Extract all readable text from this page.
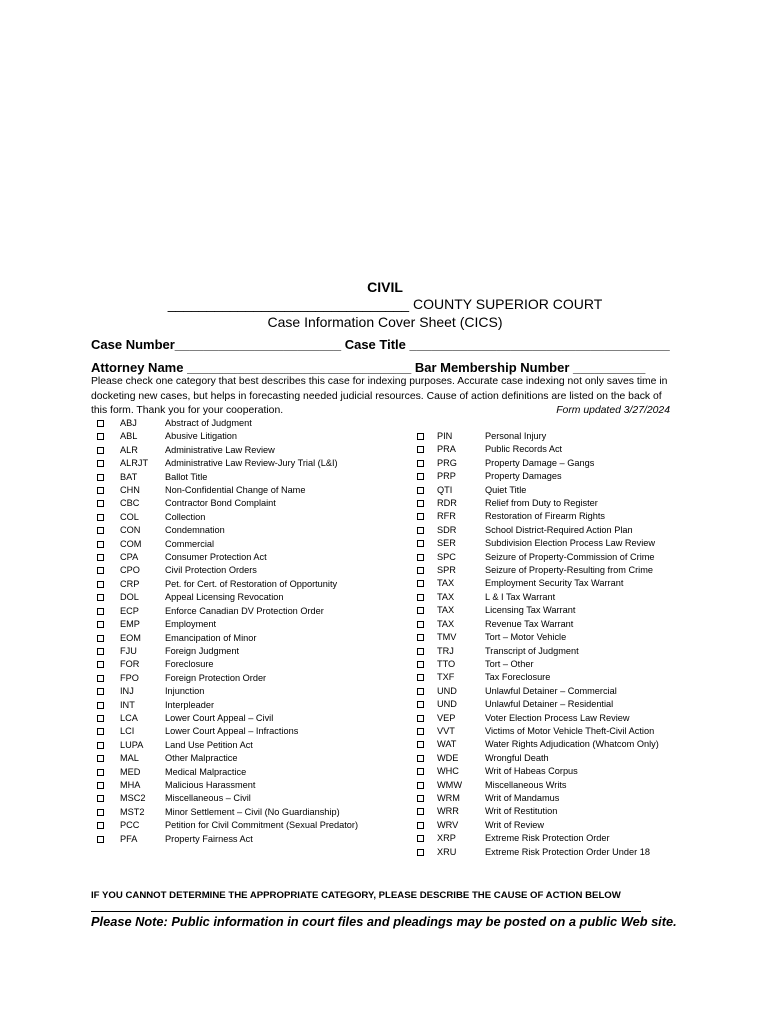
CIVIL
_______________________________ COUNTY SUPERIOR COURT
Case Information Cover Sheet (CICS)
Case Number_______________________ Case Title ____________________________________
Attorney Name _______________________________ Bar Membership Number __________
Please check one category that best describes this case for indexing purposes. Accurate case indexing not only saves time in docketing new cases, but helps in forecasting needed judicial resources. Cause of action definitions are listed on the back of this form. Thank you for your cooperation.	Form updated 3/27/2024
ABJ	Abstract of Judgment
ABL	Abusive Litigation
ALR	Administrative Law Review
ALRJT Administrative Law Review-Jury Trial (L&I)
BAT	Ballot Title
CHN	Non-Confidential Change of Name
CBC	Contractor Bond Complaint
COL	Collection
CON	Condemnation
COM	Commercial
CPA	Consumer Protection Act
CPO	Civil Protection Orders
CRP	Pet. for Cert. of Restoration of Opportunity
DOL	Appeal Licensing Revocation
ECP	Enforce Canadian DV Protection Order
EMP	Employment
EOM	Emancipation of Minor
FJU	Foreign Judgment
FOR	Foreclosure
FPO	Foreign Protection Order
INJ	Injunction
INT	Interpleader
LCA	Lower Court Appeal – Civil
LCI	Lower Court Appeal – Infractions
LUPA Land Use Petition Act
MAL	Other Malpractice
MED	Medical Malpractice
MHA	Malicious Harassment
MSC2 Miscellaneous – Civil
MST2 Minor Settlement – Civil (No Guardianship)
PCC	Petition for Civil Commitment (Sexual Predator)
PFA	Property Fairness Act
PIN	Personal Injury
PRA	Public Records Act
PRG	Property Damage – Gangs
PRP	Property Damages
QTI	Quiet Title
RDR	Relief from Duty to Register
RFR	Restoration of Firearm Rights
SDR	School District-Required Action Plan
SER	Subdivision Election Process Law Review
SPC	Seizure of Property-Commission of Crime
SPR	Seizure of Property-Resulting from Crime
TAX	Employment Security Tax Warrant
TAX	L & I Tax Warrant
TAX	Licensing Tax Warrant
TAX	Revenue Tax Warrant
TMV	Tort – Motor Vehicle
TRJ	Transcript of Judgment
TTO	Tort – Other
TXF	Tax Foreclosure
UND	Unlawful Detainer – Commercial
UND	Unlawful Detainer – Residential
VEP	Voter Election Process Law Review
VVT	Victims of Motor Vehicle Theft-Civil Action
WAT	Water Rights Adjudication (Whatcom Only)
WDE	Wrongful Death
WHC	Writ of Habeas Corpus
WMW	Miscellaneous Writs
WRM	Writ of Mandamus
WRR	Writ of Restitution
WRV	Writ of Review
XRP	Extreme Risk Protection Order
XRU	Extreme Risk Protection Order Under 18
IF YOU CANNOT DETERMINE THE APPROPRIATE CATEGORY, PLEASE DESCRIBE THE CAUSE OF ACTION BELOW
Please Note: Public information in court files and pleadings may be posted on a public Web site.
